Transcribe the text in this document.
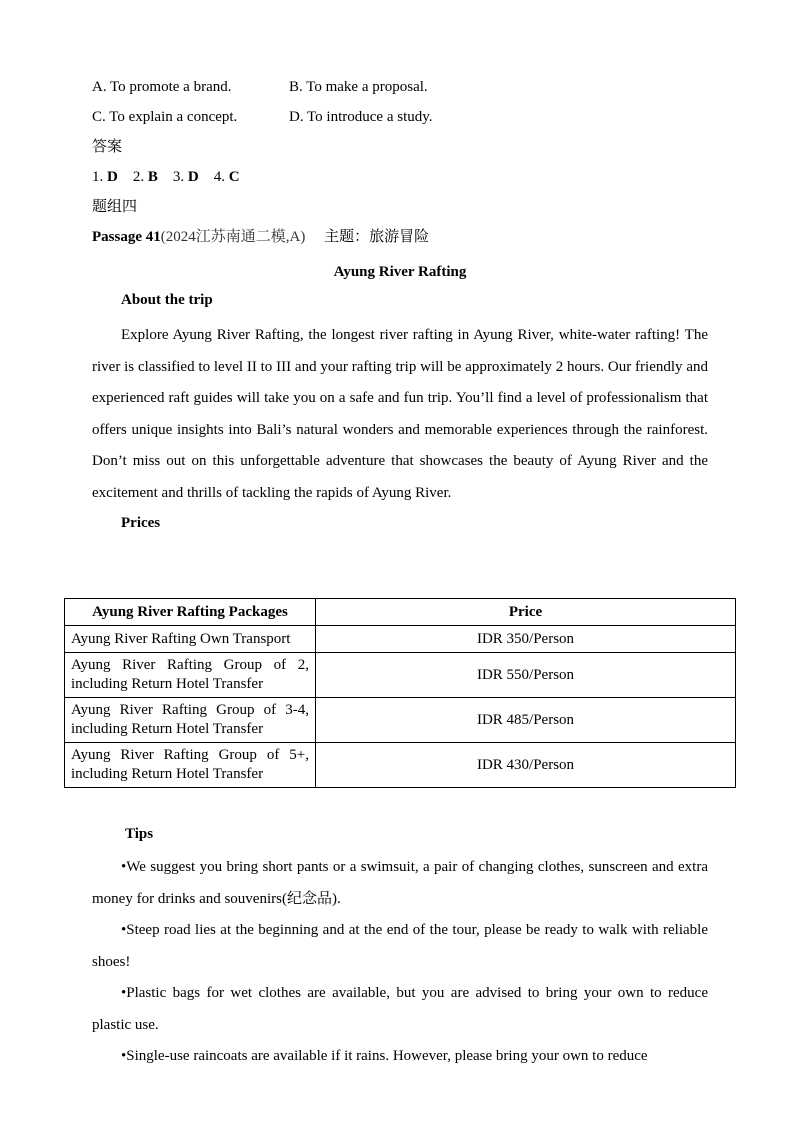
A. To promote a brand.	B. To make a proposal.
C. To explain a concept.	D. To introduce a study.
答案
1. D 2. B 3. D 4. C
题组四
Passage 41(2024江苏南通二模,A) 主题：旅游冒险
Ayung River Rafting
About the trip

Explore Ayung River Rafting, the longest river rafting in Ayung River, white-water rafting! The river is classified to level II to III and your rafting trip will be approximately 2 hours. Our friendly and experienced raft guides will take you on a safe and fun trip. You’ll find a level of professionalism that offers unique insights into Bali’s natural wonders and memorable experiences through the rainforest. Don’t miss out on this unforgettable adventure that showcases the beauty of Ayung River and the excitement and thrills of tackling the rapids of Ayung River.

Prices
Ayung River Rafting Packages	Price
Ayung River Rafting Own Transport	IDR 350/Person
Ayung River Rafting Group of 2, including Return Hotel Transfer	IDR 550/Person
Ayung River Rafting Group of 3-4, including Return Hotel Transfer	IDR 485/Person
Ayung River Rafting Group of 5+, including Return Hotel Transfer	IDR 430/Person
Tips

•We suggest you bring short pants or a swimsuit, a pair of changing clothes, sunscreen and extra money for drinks and souvenirs(纪念品).

•Steep road lies at the beginning and at the end of the tour, please be ready to walk with reliable shoes!

•Plastic bags for wet clothes are available, but you are advised to bring your own to reduce plastic use.

•Single-use raincoats are available if it rains. However, please bring your own to reduce
